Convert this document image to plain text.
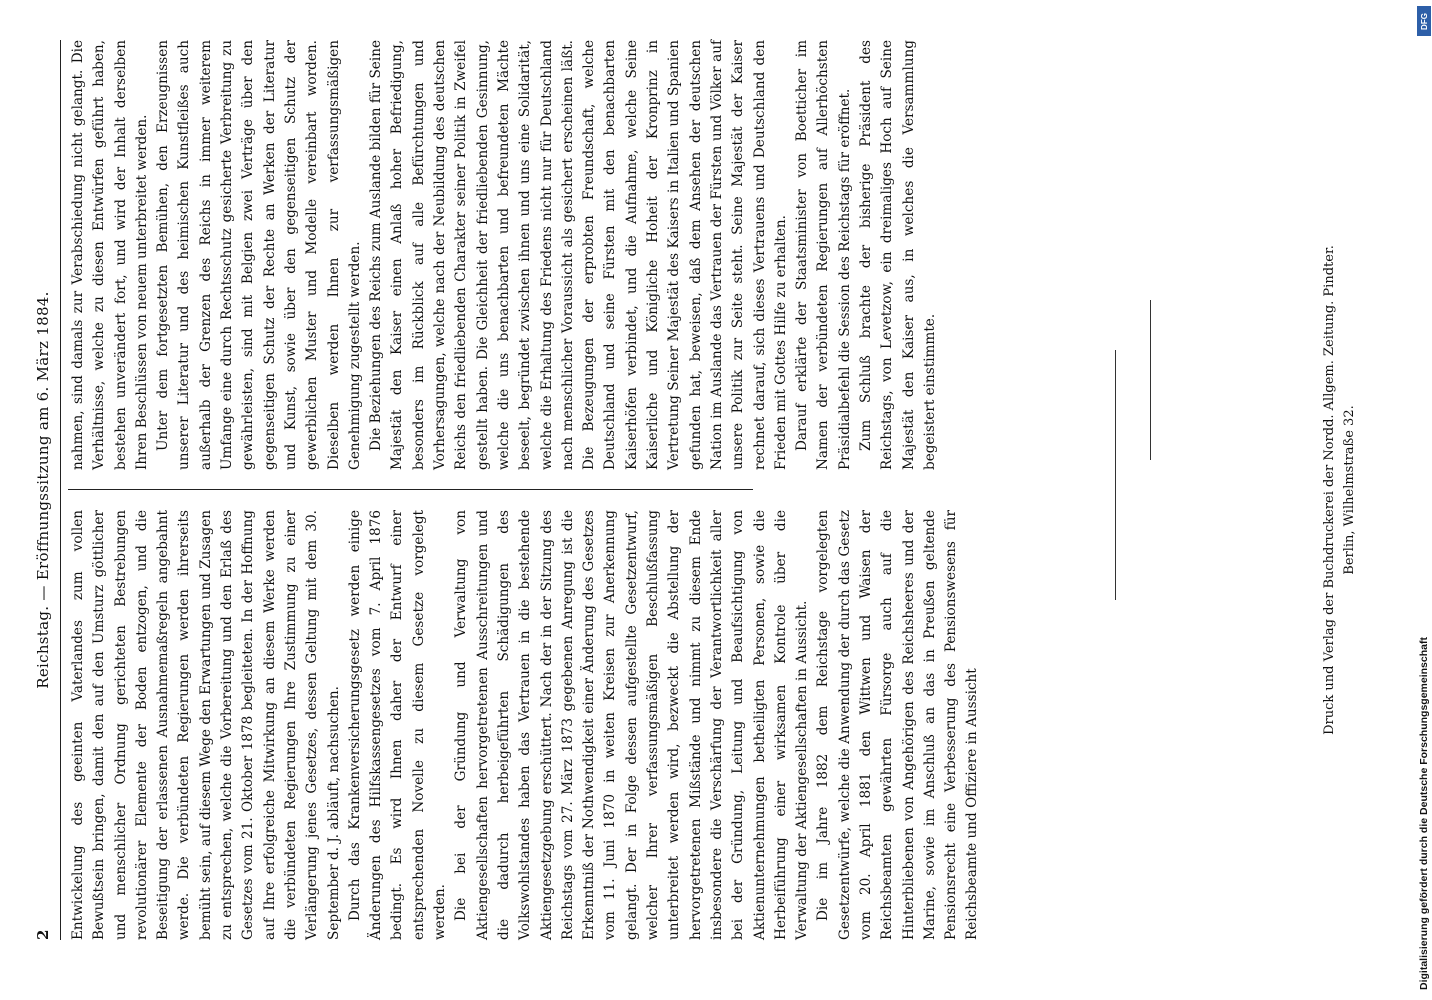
2
Reichstag. — Eröffnungssitzung am 6. März 1884.

Entwickelung des geeinten Vaterlandes zum vollen Bewußtsein bringen, damit den auf den Umsturz göttlicher und menschlicher Ordnung gerichteten Bestrebungen revolutionärer Elemente der Boden entzogen, und die Beseitigung der erlassenen Ausnahmemaßregeln angebahnt werde. Die verbündeten Regierungen werden ihrerseits bemüht sein, auf diesem Wege den Erwartungen und Zusagen zu entsprechen, welche die Vorbereitung und den Erlaß des Gesetzes vom 21. Oktober 1878 begleiteten. In der Hoffnung auf Ihre erfolgreiche Mitwirkung an diesem Werke werden die verbündeten Regierungen Ihre Zustimmung zu einer Verlängerung jenes Gesetzes, dessen Geltung mit dem 30. September d. J. abläuft, nachsuchen. Durch das Krankenversicherungsgesetz werden einige Änderungen des Hilfskassengesetzes vom 7. April 1876 bedingt. Es wird Ihnen daher der Entwurf einer entsprechenden Novelle zu diesem Gesetze vorgelegt werden. Die bei der Gründung und Verwaltung von Aktiengesellschaften hervorgetretenen Ausschreitungen und die dadurch herbeigeführten Schädigungen des Volkswohlstandes haben das Vertrauen in die bestehende Aktiengesetzgebung erschüttert. Nach der in der Sitzung des Reichstags vom 27. März 1873 gegebenen Anregung ist die Erkenntniß der Nothwendigkeit einer Änderung des Gesetzes vom 11. Juni 1870 in weiten Kreisen zur Anerkennung gelangt. Der in Folge dessen aufgestellte Gesetzentwurf, welcher Ihrer verfassungsmäßigen Beschlußfassung unterbreitet werden wird, bezweckt die Abstellung der hervorgetretenen Mißstände und nimmt zu diesem Ende insbesondere die Verschärfung der Verantwortlichkeit aller bei der Gründung, Leitung und Beaufsichtigung von Aktienunternehmungen betheiligten Personen, sowie die Herbeiführung einer wirksamen Kontrole über die Verwaltung der Aktiengesellschaften in Aussicht. Die im Jahre 1882 dem Reichstage vorgelegten Gesetzentwürfe, welche die Anwendung der durch das Gesetz vom 20. April 1881 den Wittwen und Waisen der Reichsbeamten gewährten Fürsorge auch auf die Hinterbliebenen von Angehörigen des Reichsheeres und der Marine, sowie im Anschluß an das in Preußen geltende Pensionsrecht eine Verbesserung des Pensionswesens für Reichsbeamte und Offiziere in Aussicht

nahmen, sind damals zur Verabschiedung nicht gelangt. Die Verhältnisse, welche zu diesen Entwürfen geführt haben, bestehen unverändert fort, und wird der Inhalt derselben Ihren Beschlüssen von neuem unterbreitet werden. Unter dem fortgesetzten Bemühen, den Erzeugnissen unserer Literatur und des heimischen Kunstfleißes auch außerhalb der Grenzen des Reichs in immer weiterem Umfange eine durch Rechtsschutz gesicherte Verbreitung zu gewährleisten, sind mit Belgien zwei Verträge über den gegenseitigen Schutz der Rechte an Werken der Literatur und Kunst, sowie über den gegenseitigen Schutz der gewerblichen Muster und Modelle vereinbart worden. Dieselben werden Ihnen zur verfassungsmäßigen Genehmigung zugestellt werden. Die Beziehungen des Reichs zum Auslande bilden für Seine Majestät den Kaiser einen Anlaß hoher Befriedigung, besonders im Rückblick auf alle Befürchtungen und Vorhersagungen, welche nach der Neubildung des deutschen Reichs den friedliebenden Charakter seiner Politik in Zweifel gestellt haben. Die Gleichheit der friedliebenden Gesinnung, welche die uns benachbarten und befreundeten Mächte beseelt, begründet zwischen ihnen und uns eine Solidarität, welche die Erhaltung des Friedens nicht nur für Deutschland nach menschlicher Voraussicht als gesichert erscheinen läßt. Die Bezeugungen der erprobten Freundschaft, welche Deutschland und seine Fürsten mit den benachbarten Kaiserhöfen verbindet, und die Aufnahme, welche Seine Kaiserliche und Königliche Hoheit der Kronprinz in Vertretung Seiner Majestät des Kaisers in Italien und Spanien gefunden hat, beweisen, daß dem Ansehen der deutschen Nation im Auslande das Vertrauen der Fürsten und Völker auf unsere Politik zur Seite steht. Seine Majestät der Kaiser rechnet darauf, sich dieses Vertrauens und Deutschland den Frieden mit Gottes Hilfe zu erhalten. Darauf erklärte der Staatsminister von Boetticher im Namen der verbündeten Regierungen auf Allerhöchsten Präsidialbefehl die Session des Reichstags für eröffnet. Zum Schluß brachte der bisherige Präsident des Reichstags, von Levetzow, ein dreimaliges Hoch auf Seine Majestät den Kaiser aus, in welches die Versammlung begeistert einstimmte.	Druck und Verlag der Buchdruckerei der Nordd. Allgem. Zeitung. Pindter. Berlin, Wilhelmstraße 32.
Digitalisierung gefördert durch die Deutsche Forschungsgemeinschaft
DFG
